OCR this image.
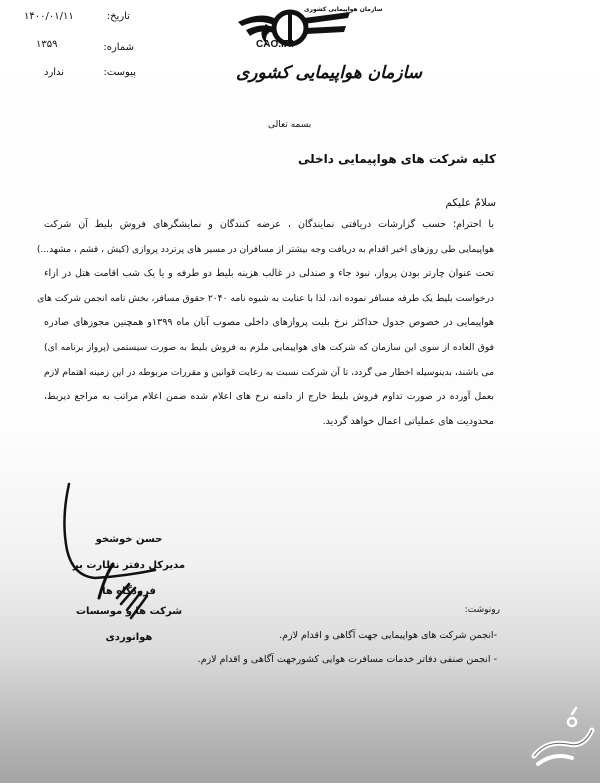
تاریخ:
۱۴۰۰/۰۱/۱۱
شماره:
۱۳۵۹
پیوست:
ندارد
سازمان هواپیمایی کشوری
CAO.IRI
سازمان هواپیمایی کشوری
بسمه تعالی
کلیه شرکت های هواپیمایی داخلی
سلامٌ علیکم
با احترام؛ حسب گزارشات دریافتی نمایندگان ، عرضه کنندگان و نمایشگرهای فروش بلیط آن شرکت
هواپیمایی طی روزهای اخیر اقدام به دریافت وجه بیشتر از مسافران در مسیر های پرتردد پروازی (کیش ، قشم ، مشهد...)
تحت عنوان چارتر بودن پرواز، نبود جاء و صندلی در غالب هزینه بلیط دو طرفه و یا یک شب اقامت هتل در ازاء
درخواست بلیط یک طرفه مسافر نموده اند، لذا با عنایت به شیوه نامه ۲۰۴۰ حقوق مسافر، بخش نامه انجمن شرکت های
هواپیمایی در خصوص جدول حداکثر نرخ بلیت پروازهای داخلی مصوب آبان ماه ۱۳۹۹و همچنین مجوزهای صادره
فوق العاده از سوی این سازمان که شرکت های هواپیمایی ملزم به فروش بلیط به صورت سیستمی (پرواز برنامه ای)
می باشند، بدینوسیله اخطار می گردد، تا آن شرکت نسبت به رعایت قوانین و مقررات مربوطه در این زمینه اهتمام لازم
بعمل آورده در صورت تداوم فروش بلیط خارج از دامنه نرخ های اعلام شده ضمن اعلام مراتب به مراجع ذیربط،
محدودیت های عملیاتی اعمال خواهد گردید.
حسن خوشخو
مدیرکل دفتر نظارت بر فرودگاه ها
شرکت ها و موسسات هوانوردی
رونوشت:
-انجمن شرکت های هواپیمایی جهت آگاهی و اقدام لازم.
- انجمن صنفی دفاتر خدمات مسافرت هوایی کشورجهت آگاهی و اقدام لازم.
